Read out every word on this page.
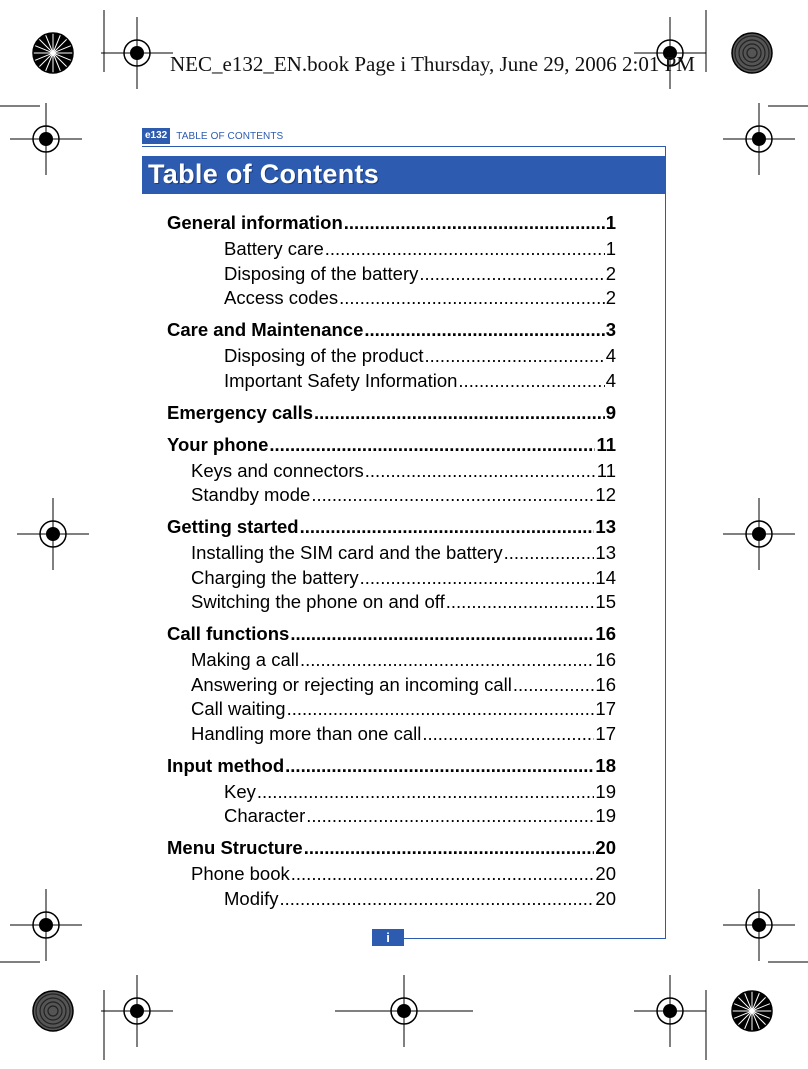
NEC_e132_EN.book Page i Thursday, June 29, 2006 2:01 PM
e132 TABLE OF CONTENTS
Table of Contents
General information .....	1
Battery care .....	1
Disposing of the battery .....	2
Access codes .....	2
Care and Maintenance .....	3
Disposing of the product .....	4
Important Safety Information .....	4
Emergency calls .....	9
Your phone .....	11
Keys and connectors .....	11
Standby mode .....	12
Getting started .....	13
Installing the SIM card and the battery .....	13
Charging the battery .....	14
Switching the phone on and off .....	15
Call functions .....	16
Making a call .....	16
Answering or rejecting an incoming call .....	16
Call waiting .....	17
Handling more than one call .....	17
Input method .....	18
Key .....	19
Character .....	19
Menu Structure .....	20
Phone book .....	20
Modify .....	20
i
